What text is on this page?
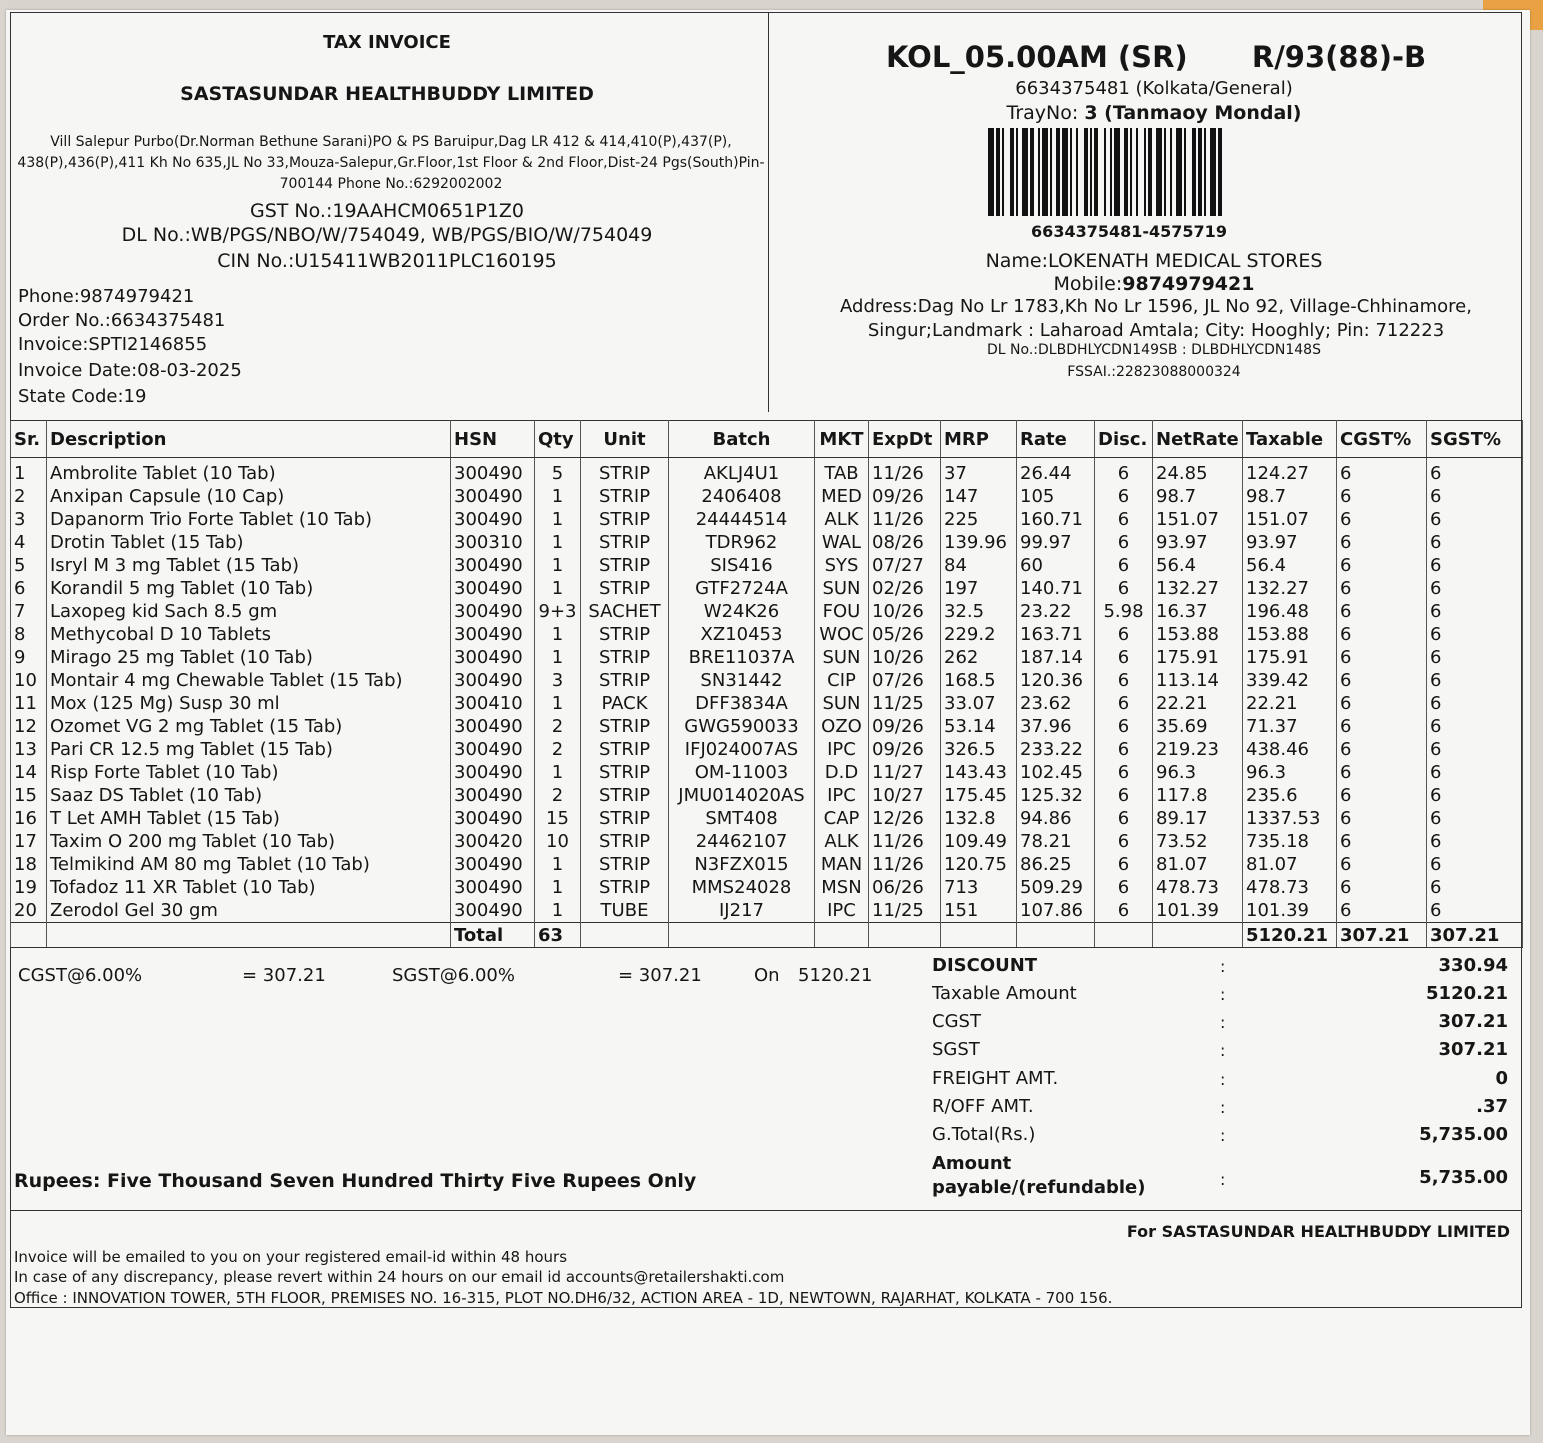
TAX INVOICE
SASTASUNDAR HEALTHBUDDY LIMITED
Vill Salepur Purbo(Dr.Norman Bethune Sarani)PO & PS Baruipur,Dag LR 412 & 414,410(P),437(P), 438(P),436(P),411 Kh No 635,JL No 33,Mouza-Salepur,Gr.Floor,1st Floor & 2nd Floor,Dist-24 Pgs(South)Pin-700144 Phone No.:6292002002
GST No.:19AAHCM0651P1Z0
DL No.:WB/PGS/NBO/W/754049, WB/PGS/BIO/W/754049
CIN No.:U15411WB2011PLC160195
Phone:9874979421
Order No.:6634375481
Invoice:SPTI2146855
Invoice Date:08-03-2025
State Code:19
KOL_05.00AM (SR) R/93(88)-B
6634375481 (Kolkata/General)
TrayNo: 3 (Tanmaoy Mondal)
6634375481-4575719
Name:LOKENATH MEDICAL STORES
Mobile:9874979421
Address:Dag No Lr 1783,Kh No Lr 1596, JL No 92, Village-Chhinamore, Singur;Landmark : Laharoad Amtala; City: Hooghly; Pin: 712223
DL No.:DLBDHLYCDN149SB : DLBDHLYCDN148S
FSSAI.:22823088000324
Sr.	Description	HSN	Qty	Unit	Batch	MKT	ExpDt	MRP	Rate	Disc.	NetRate	Taxable	CGST%	SGST%
1	Ambrolite Tablet (10 Tab)	300490	5	STRIP	AKLJ4U1	TAB	11/26	37	26.44	6	24.85	124.27	6	6
2	Anxipan Capsule (10 Cap)	300490	1	STRIP	2406408	MED	09/26	147	105	6	98.7	98.7	6	6
3	Dapanorm Trio Forte Tablet (10 Tab)	300490	1	STRIP	24444514	ALK	11/26	225	160.71	6	151.07	151.07	6	6
4	Drotin Tablet (15 Tab)	300310	1	STRIP	TDR962	WAL	08/26	139.96	99.97	6	93.97	93.97	6	6
5	Isryl M 3 mg Tablet (15 Tab)	300490	1	STRIP	SIS416	SYS	07/27	84	60	6	56.4	56.4	6	6
6	Korandil 5 mg Tablet (10 Tab)	300490	1	STRIP	GTF2724A	SUN	02/26	197	140.71	6	132.27	132.27	6	6
7	Laxopeg kid Sach 8.5 gm	300490	9+3	SACHET	W24K26	FOU	10/26	32.5	23.22	5.98	16.37	196.48	6	6
8	Methycobal D 10 Tablets	300490	1	STRIP	XZ10453	WOC	05/26	229.2	163.71	6	153.88	153.88	6	6
9	Mirago 25 mg Tablet (10 Tab)	300490	1	STRIP	BRE11037A	SUN	10/26	262	187.14	6	175.91	175.91	6	6
10	Montair 4 mg Chewable Tablet (15 Tab)	300490	3	STRIP	SN31442	CIP	07/26	168.5	120.36	6	113.14	339.42	6	6
11	Mox (125 Mg) Susp 30 ml	300410	1	PACK	DFF3834A	SUN	11/25	33.07	23.62	6	22.21	22.21	6	6
12	Ozomet VG 2 mg Tablet (15 Tab)	300490	2	STRIP	GWG590033	OZO	09/26	53.14	37.96	6	35.69	71.37	6	6
13	Pari CR 12.5 mg Tablet (15 Tab)	300490	2	STRIP	IFJ024007AS	IPC	09/26	326.5	233.22	6	219.23	438.46	6	6
14	Risp Forte Tablet (10 Tab)	300490	1	STRIP	OM-11003	D.D	11/27	143.43	102.45	6	96.3	96.3	6	6
15	Saaz DS Tablet (10 Tab)	300490	2	STRIP	JMU014020AS	IPC	10/27	175.45	125.32	6	117.8	235.6	6	6
16	T Let AMH Tablet (15 Tab)	300490	15	STRIP	SMT408	CAP	12/26	132.8	94.86	6	89.17	1337.53	6	6
17	Taxim O 200 mg Tablet (10 Tab)	300420	10	STRIP	24462107	ALK	11/26	109.49	78.21	6	73.52	735.18	6	6
18	Telmikind AM 80 mg Tablet (10 Tab)	300490	1	STRIP	N3FZX015	MAN	11/26	120.75	86.25	6	81.07	81.07	6	6
19	Tofadoz 11 XR Tablet (10 Tab)	300490	1	STRIP	MMS24028	MSN	06/26	713	509.29	6	478.73	478.73	6	6
20	Zerodol Gel 30 gm	300490	1	TUBE	IJ217	IPC	11/25	151	107.86	6	101.39	101.39	6	6
		Total	63									5120.21	307.21	307.21
CGST@6.00%	= 307.21	SGST@6.00%	= 307.21	On 5120.21	DISCOUNT	:	330.94
Taxable Amount	:	5120.21
CGST	:	307.21
SGST	:	307.21
FREIGHT AMT.	:	0
R/OFF AMT.	:	.37
G.Total(Rs.)	:	5,735.00
Amount
payable/(refundable)	:	5,735.00
Rupees: Five Thousand Seven Hundred Thirty Five Rupees Only
For SASTASUNDAR HEALTHBUDDY LIMITED
Invoice will be emailed to you on your registered email-id within 48 hours
In case of any discrepancy, please revert within 24 hours on our email id accounts@retailershakti.com
Office : INNOVATION TOWER, 5TH FLOOR, PREMISES NO. 16-315, PLOT NO.DH6/32, ACTION AREA - 1D, NEWTOWN, RAJARHAT, KOLKATA - 700 156.
